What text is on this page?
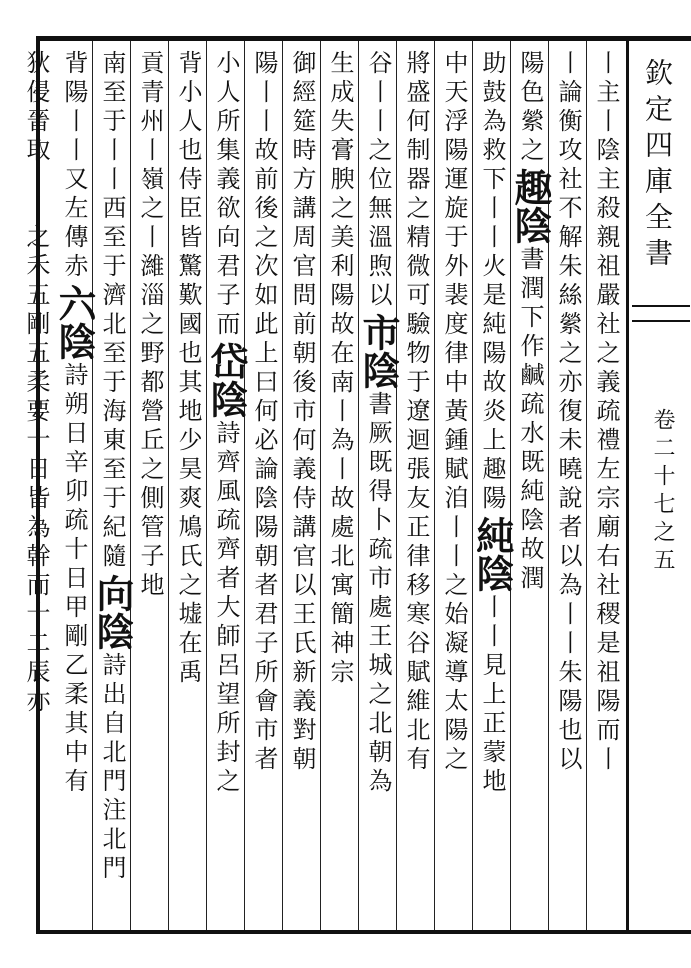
欽定四庫全書
卷二十七之五
丨主丨陰主殺親祖嚴社之義疏禮左宗廟右社稷是祖陽而丨
丨論衡攻社不解朱絲縈之亦復未曉說者以為丨丨朱陽也以
陽色縈之
趣陰
書潤下作鹹疏水既純陰故潤
助鼓為救
下丨丨火是純陽故炎上趣陽
純陰
丨丨見上正蒙地
中天浮陽運旋于外裴度律中黃鍾賦洎丨丨之始凝導太陽之
將盛何制器之精微可驗物于遼迴張友正律移寒谷賦維北有
谷丨丨之位無溫煦以
市陰
書厥既得卜疏市處王城之北朝為
生成失膏腴之美利
陽故在南丨為丨故處北寓簡神宗
御經筵時方講周官問前朝後市何義侍講官以王氏新義對朝
陽丨丨故前後之次如此上曰何必論陰陽朝者君子所會市者
小人所集義欲向君子而
岱陰
詩齊風疏齊者大師呂望所封之
背小人也侍臣皆驚歎
國也其地少昊爽鳩氏之墟在禹
貢青州丨嶺之丨濰淄之野都營丘之側管子地
南至于丨丨西至于濟北至于海東至于紀隨
向陰
詩出自北門注北門
背陽丨丨又左傳赤
六陰
詩朔日辛卯疏十日甲剛乙柔其中有
狄侵晉取丨丨之禾
五剛五柔要十日皆為幹而十二辰亦
